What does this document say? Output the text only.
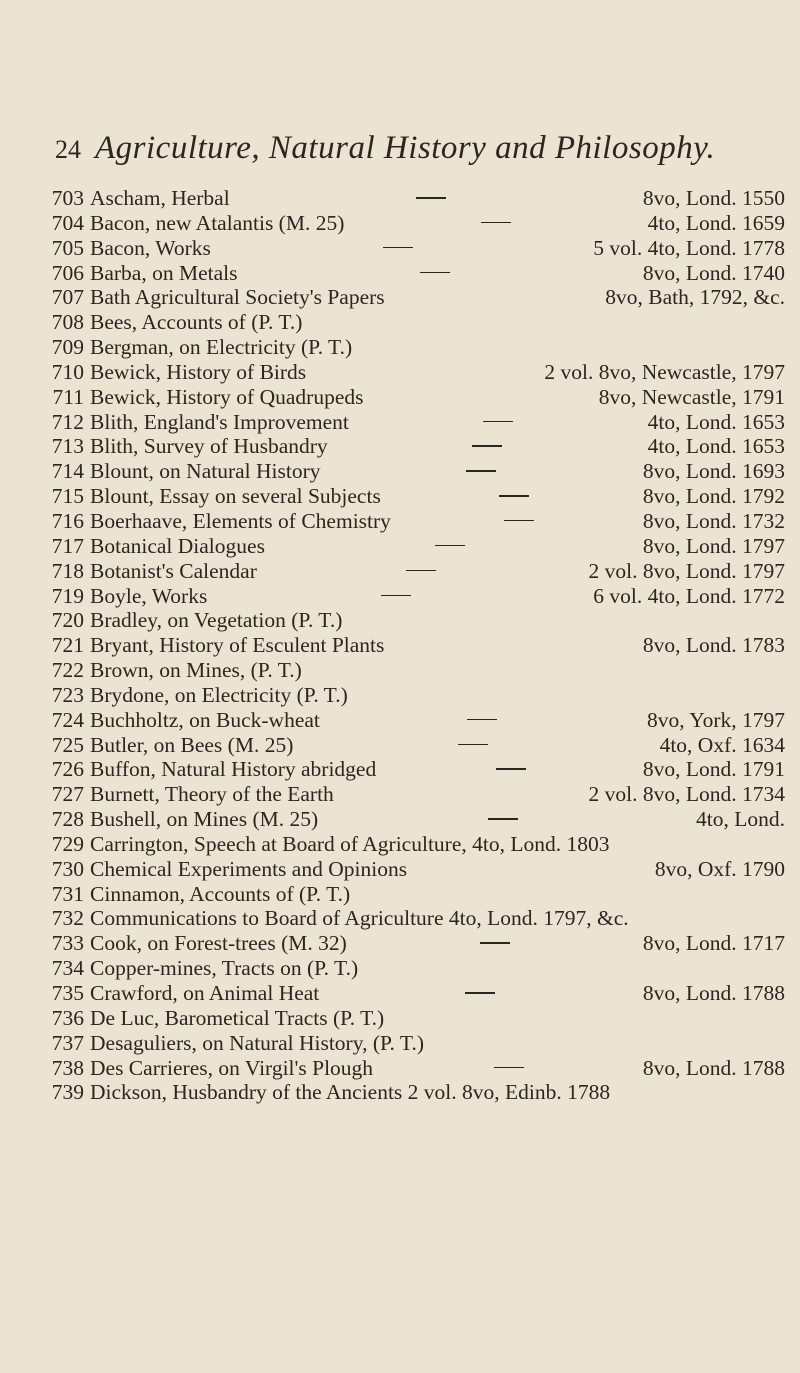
24 Agriculture, Natural History and Philosophy.
703 Ascham, Herbal	8vo, Lond. 1550
704 Bacon, new Atalantis (M. 25)	4to, Lond. 1659
705 Bacon, Works	5 vol. 4to, Lond. 1778
706 Barba, on Metals	8vo, Lond. 1740
707 Bath Agricultural Society's Papers	8vo, Bath, 1792, &c.
708 Bees, Accounts of (P. T.)
709 Bergman, on Electricity (P. T.)
710 Bewick, History of Birds	2 vol. 8vo, Newcastle, 1797
711 Bewick, History of Quadrupeds	8vo, Newcastle, 1791
712 Blith, England's Improvement	4to, Lond. 1653
713 Blith, Survey of Husbandry	4to, Lond. 1653
714 Blount, on Natural History	8vo, Lond. 1693
715 Blount, Essay on several Subjects	8vo, Lond. 1792
716 Boerhaave, Elements of Chemistry	8vo, Lond. 1732
717 Botanical Dialogues	8vo, Lond. 1797
718 Botanist's Calendar	2 vol. 8vo, Lond. 1797
719 Boyle, Works	6 vol. 4to, Lond. 1772
720 Bradley, on Vegetation (P. T.)
721 Bryant, History of Esculent Plants	8vo, Lond. 1783
722 Brown, on Mines, (P. T.)
723 Brydone, on Electricity (P. T.)
724 Buchholtz, on Buck-wheat	8vo, York, 1797
725 Butler, on Bees (M. 25)	4to, Oxf. 1634
726 Buffon, Natural History abridged	8vo, Lond. 1791
727 Burnett, Theory of the Earth	2 vol. 8vo, Lond. 1734
728 Bushell, on Mines (M. 25)	4to, Lond.
729 Carrington, Speech at Board of Agriculture, 4to, Lond. 1803
730 Chemical Experiments and Opinions	8vo, Oxf. 1790
731 Cinnamon, Accounts of (P. T.)
732 Communications to Board of Agriculture 4to, Lond. 1797, &c.
733 Cook, on Forest-trees (M. 32)	8vo, Lond. 1717
734 Copper-mines, Tracts on (P. T.)
735 Crawford, on Animal Heat	8vo, Lond. 1788
736 De Luc, Barometical Tracts (P. T.)
737 Desaguliers, on Natural History, (P. T.)
738 Des Carrieres, on Virgil's Plough	8vo, Lond. 1788
739 Dickson, Husbandry of the Ancients 2 vol. 8vo, Edinb. 1788
